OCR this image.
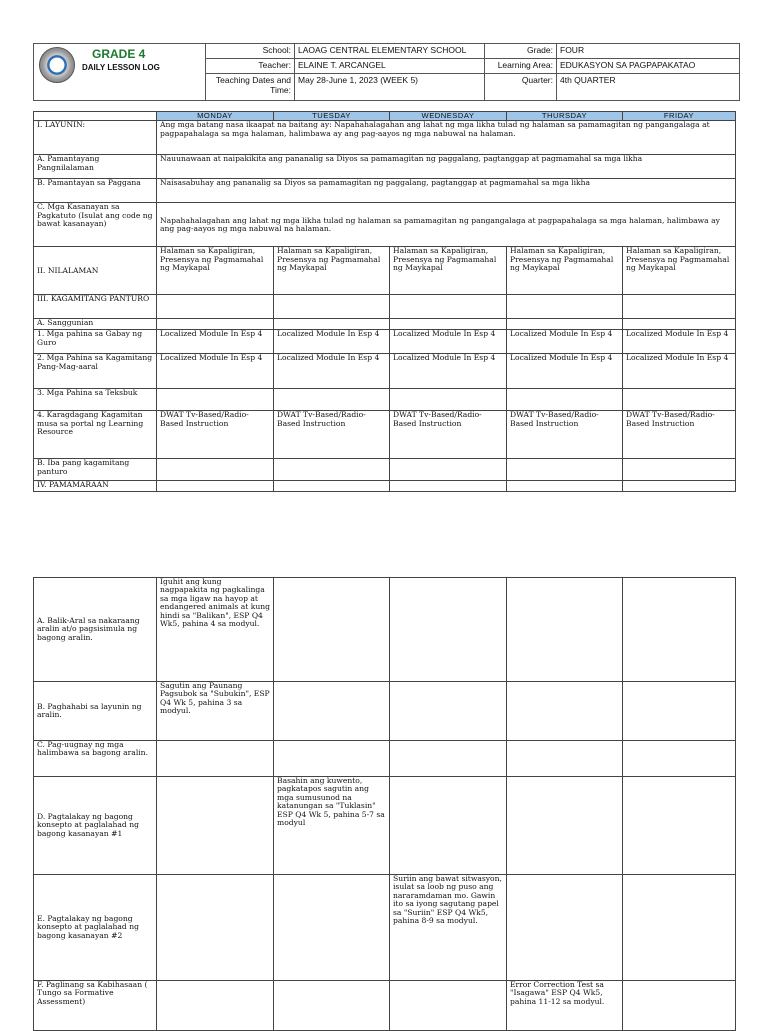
GRADE 4
DAILY LESSON LOG	School:	LAOAG CENTRAL ELEMENTARY SCHOOL	Grade:	FOUR
	Teacher:	ELAINE T. ARCANGEL	Learning Area:	EDUKASYON SA PAGPAPAKATAO
	Teaching Dates and Time:	May 28-June 1, 2023 (WEEK 5)	Quarter:	4th QUARTER
	MONDAY	TUESDAY	WEDNESDAY	THURSDAY	FRIDAY
I. LAYUNIN:	Ang mga batang nasa ikaapat na baitang ay: Napahahalagahan ang lahat ng mga likha tulad ng halaman sa pamamagitan ng pangangalaga at pagpapahalaga sa mga halaman, halimbawa ay ang pag-aayos ng mga nabuwal na halaman.				
A. Pamantayang Pangnilalaman	Nauunawaan at naipakikita ang pananalig sa Diyos sa pamamagitan ng paggalang, pagtanggap at pagmamahal sa mga likha				
B. Pamantayan sa Paggana	Naisasabuhay ang pananalig sa Diyos sa pamamagitan ng paggalang, pagtanggap at pagmamahal sa mga likha				
C. Mga Kasanayan sa Pagkatuto (Isulat ang code ng bawat kasanayan)	Napahahalagahan ang lahat ng mga likha tulad ng halaman sa pamamagitan ng pangangalaga at pagpapahalaga sa mga halaman, halimbawa ay ang pag-aayos ng mga nabuwal na halaman.				
II. NILALAMAN	Halaman sa Kapaligiran, Presensya ng Pagmamahal ng Maykapal	Halaman sa Kapaligiran, Presensya ng Pagmamahal ng Maykapal	Halaman sa Kapaligiran, Presensya ng Pagmamahal ng Maykapal	Halaman sa Kapaligiran, Presensya ng Pagmamahal ng Maykapal	Halaman sa Kapaligiran, Presensya ng Pagmamahal ng Maykapal
III. KAGAMITANG PANTURO					
A. Sanggunian					
1. Mga pahina sa Gabay ng Guro	Localized Module In Esp 4	Localized Module In Esp 4	Localized Module In Esp 4	Localized Module In Esp 4	Localized Module In Esp 4
2. Mga Pahina sa Kagamitang Pang-Mag-aaral	Localized Module In Esp 4	Localized Module In Esp 4	Localized Module In Esp 4	Localized Module In Esp 4	Localized Module In Esp 4
3. Mga Pahina sa Teksbuk					
4. Karagdagang Kagamitan musa sa portal ng Learning Resource	DWAT Tv-Based/Radio-Based Instruction	DWAT Tv-Based/Radio-Based Instruction	DWAT Tv-Based/Radio-Based Instruction	DWAT Tv-Based/Radio-Based Instruction	DWAT Tv-Based/Radio-Based Instruction
B. Iba pang kagamitang panturo					
IV. PAMAMARAAN					
A. Balik-Aral sa nakaraang aralin at/o pagsisimula ng bagong aralin.	Iguhit ang kung nagpapakita ng pagkalinga sa mga ligaw na hayop at endangered animals at kung hindi sa "Balikan", ESP Q4 Wk5, pahina 4 sa modyul.				
B. Paghahabi sa layunin ng aralin.	Sagutin ang Paunang Pagsubok sa "Subukin", ESP Q4 Wk 5, pahina 3 sa modyul.				
C. Pag-uugnay ng mga halimbawa sa bagong aralin.					
D. Pagtalakay ng bagong konsepto at paglalahad ng bagong kasanayan #1		Basahin ang kuwento, pagkatapos sagutin ang mga sumusunod na katanungan sa "Tuklasin" ESP Q4 Wk 5, pahina 5-7 sa modyul			
E. Pagtalakay ng bagong konsepto at paglalahad ng bagong kasanayan #2			Suriin ang bawat sitwasyon, isulat sa loob ng puso ang nararamdaman mo. Gawin ito sa iyong sagutang papel sa "Suriin" ESP Q4 Wk5, pahina 8-9 sa modyul.		
F. Paglinang sa Kabihasaan ( Tungo sa Formative Assessment)				Error Correction Test sa "Isagawa" ESP Q4 Wk5, pahina 11-12 sa modyul.	
